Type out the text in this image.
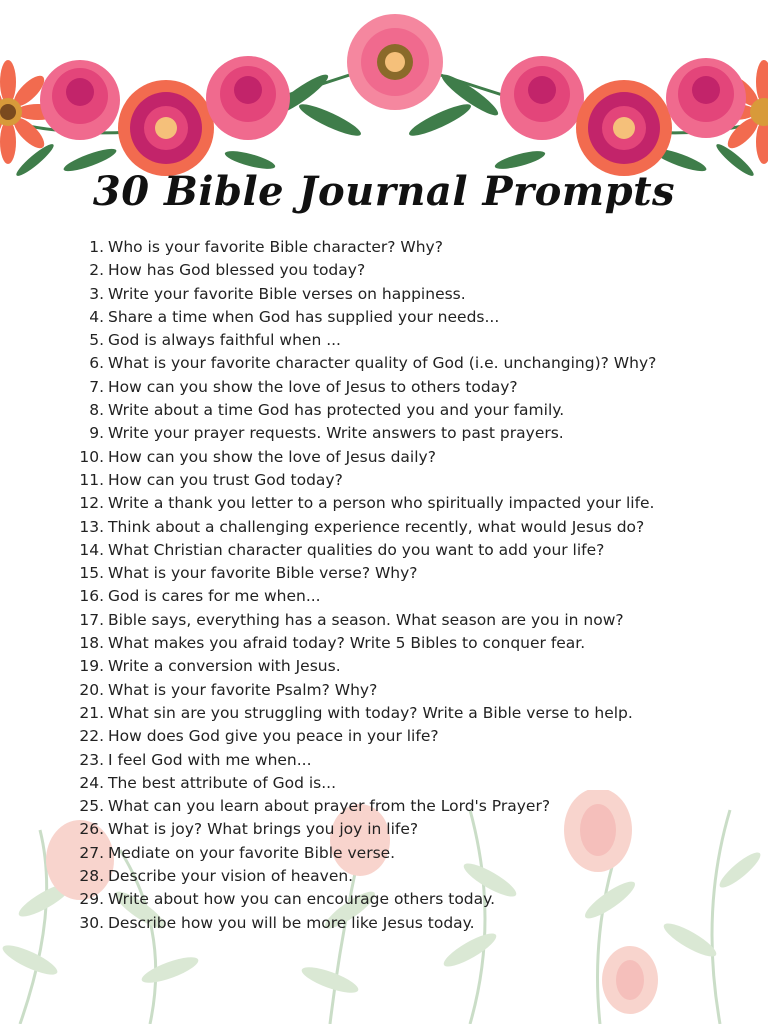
30 Bible Journal Prompts
1. Who is your favorite Bible character? Why?
2. How has God blessed you today?
3. Write your favorite Bible verses on happiness.
4. Share a time when God has supplied your needs...
5. God is always faithful when ...
6. What is your favorite character quality of God (i.e. unchanging)? Why?
7. How can you show the love of Jesus to others today?
8. Write about a time God has protected you and your family.
9. Write your prayer requests. Write answers to past prayers.
10. How can you show the love of Jesus daily?
11. How can you trust God today?
12. Write a thank you letter to a person who spiritually impacted your life.
13. Think about a challenging experience recently, what would Jesus do?
14. What Christian character qualities do you want to add your life?
15. What is your favorite Bible verse? Why?
16. God is cares for me when...
17. Bible says, everything has a season. What season are you in now?
18. What makes you afraid today? Write 5 Bibles to conquer fear.
19. Write a conversion with Jesus.
20. What is your favorite Psalm? Why?
21. What sin are you struggling with today? Write a Bible verse to help.
22. How does God give you peace in your life?
23. I feel God with me when...
24. The best attribute of God is...
25. What can you learn about prayer from the Lord's Prayer?
26. What is joy? What brings you joy in life?
27. Mediate on your favorite Bible verse.
28. Describe your vision of heaven.
29. Write about how you can encourage others today.
30. Describe how you will be more like Jesus today.
